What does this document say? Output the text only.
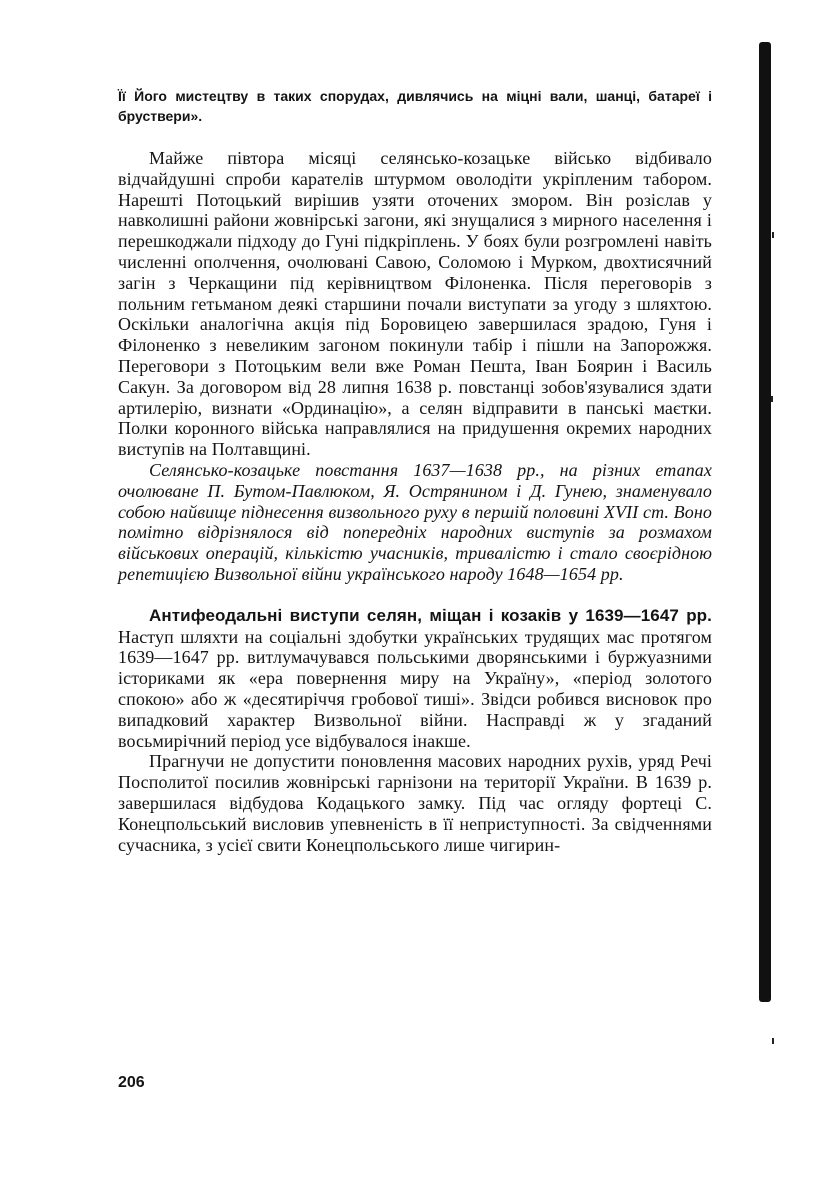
Її Його мистецтву в таких спорудах, дивлячись на міцні вали, шанці, батареї і бруствери».

Майже півтора місяці селянсько-козацьке військо відбивало відчайдушні спроби карателів штурмом оволодіти укріпленим табором. Нарешті Потоцький вирішив узяти оточених змором. Він розіслав у навколишні райони жовнірські загони, які знущалися з мирного населення і перешкоджали підходу до Гуні підкріплень. У боях були розгромлені навіть численні ополчення, очолювані Савою, Соломою і Мурком, двохтисячний загін з Черкащини під керівництвом Філоненка. Після переговорів з польним гетьманом деякі старшини почали виступати за угоду з шляхтою. Оскільки аналогічна акція під Боровицею завершилася зрадою, Гуня і Філоненко з невеликим загоном покинули табір і пішли на Запорожжя. Переговори з Потоцьким вели вже Роман Пешта, Іван Боярин і Василь Сакун. За договором від 28 липня 1638 р. повстанці зобов'язувалися здати артилерію, визнати «Ординацію», а селян відправити в панські маєтки. Полки коронного війська направлялися на придушення окремих народних виступів на Полтавщині.

Селянсько-козацьке повстання 1637—1638 рр., на різних етапах очолюване П. Бутом-Павлюком, Я. Острянином і Д. Гунею, знаменувало собою найвище піднесення визвольного руху в першій половині XVII ст. Воно помітно відрізнялося від попередніх народних виступів за розмахом військових операцій, кількістю учасників, тривалістю і стало своєрідною репетицією Визвольної війни українського народу 1648—1654 рр.

Антифеодальні виступи селян, міщан і козаків у 1639—1647 рр. Наступ шляхти на соціальні здобутки українських трудящих мас протягом 1639—1647 рр. витлумачувався польськими дворянськими і буржуазними істориками як «ера повернення миру на Україну», «період золотого спокою» або ж «десятиріччя гробової тиші». Звідси робився висновок про випадковий характер Визвольної війни. Насправді ж у згаданий восьмирічний період усе відбувалося інакше.

Прагнучи не допустити поновлення масових народних рухів, уряд Речі Посполитої посилив жовнірські гарнізони на території України. В 1639 р. завершилася відбудова Кодацького замку. Під час огляду фортеці С. Конецпольський висловив упевненість в її неприступності. За свідченнями сучасника, з усієї свити Конецпольського лише чигирин-

206
